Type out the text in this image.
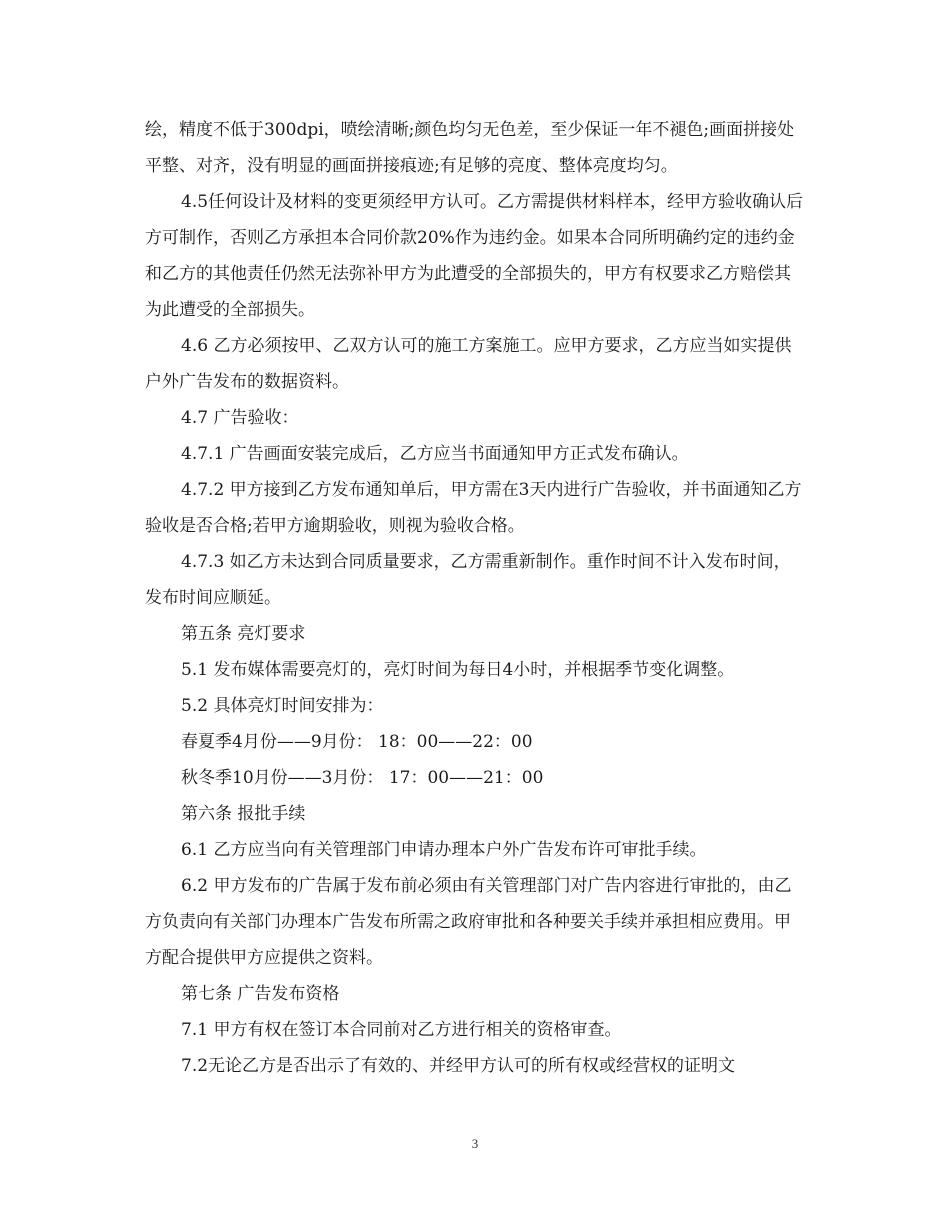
绘，精度不低于300dpi，喷绘清晰;颜色均匀无色差，至少保证一年不褪色;画面拼接处平整、对齐，没有明显的画面拼接痕迹;有足够的亮度、整体亮度均匀。

4.5任何设计及材料的变更须经甲方认可。乙方需提供材料样本，经甲方验收确认后方可制作，否则乙方承担本合同价款20%作为违约金。如果本合同所明确约定的违约金和乙方的其他责任仍然无法弥补甲方为此遭受的全部损失的，甲方有权要求乙方赔偿其为此遭受的全部损失。

4.6 乙方必须按甲、乙双方认可的施工方案施工。应甲方要求，乙方应当如实提供户外广告发布的数据资料。

4.7 广告验收：

4.7.1 广告画面安装完成后，乙方应当书面通知甲方正式发布确认。

4.7.2 甲方接到乙方发布通知单后，甲方需在3天内进行广告验收，并书面通知乙方验收是否合格;若甲方逾期验收，则视为验收合格。

4.7.3 如乙方未达到合同质量要求，乙方需重新制作。重作时间不计入发布时间，发布时间应顺延。

第五条 亮灯要求

5.1 发布媒体需要亮灯的，亮灯时间为每日4小时，并根据季节变化调整。

5.2 具体亮灯时间安排为：

春夏季4月份——9月份： 18：00——22：00

秋冬季10月份——3月份： 17：00——21：00

第六条 报批手续

6.1 乙方应当向有关管理部门申请办理本户外广告发布许可审批手续。

6.2 甲方发布的广告属于发布前必须由有关管理部门对广告内容进行审批的，由乙方负责向有关部门办理本广告发布所需之政府审批和各种要关手续并承担相应费用。甲方配合提供甲方应提供之资料。

第七条 广告发布资格

7.1 甲方有权在签订本合同前对乙方进行相关的资格审查。

7.2无论乙方是否出示了有效的、并经甲方认可的所有权或经营权的证明文

3
